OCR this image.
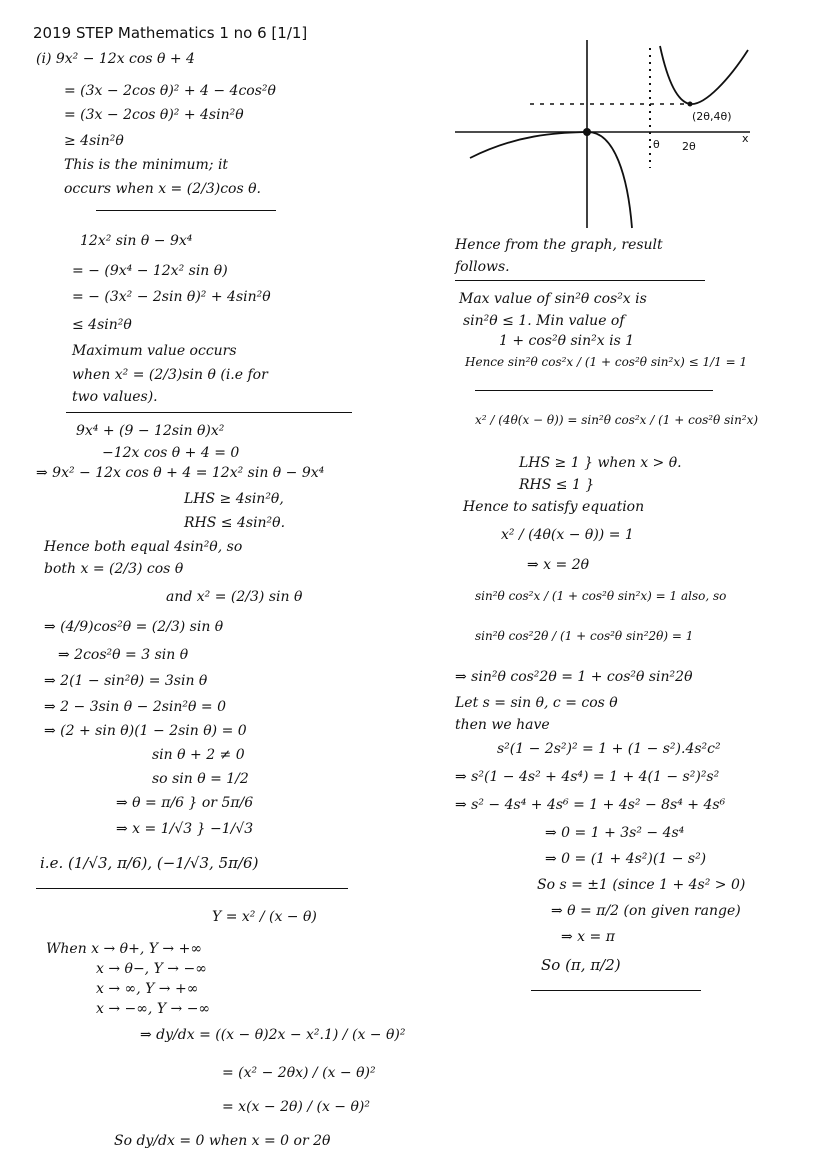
2019 STEP Mathematics 1 no 6 [1/1]
(2θ,4θ)
θ 2θ
x
(i) 9x² − 12x cos θ + 4
= (3x − 2cos θ)² + 4 − 4cos²θ
= (3x − 2cos θ)² + 4sin²θ
≥ 4sin²θ
This is the minimum; it
occurs when x = (2/3)cos θ.
12x² sin θ − 9x⁴
= − (9x⁴ − 12x² sin θ)
= − (3x² − 2sin θ)² + 4sin²θ
≤ 4sin²θ
Maximum value occurs
when x² = (2/3)sin θ (i.e for
two values).
9x⁴ + (9 − 12sin θ)x²
−12x cos θ + 4 = 0
⇒ 9x² − 12x cos θ + 4 = 12x² sin θ − 9x⁴
LHS ≥ 4sin²θ,
RHS ≤ 4sin²θ.
Hence both equal 4sin²θ, so
both x = (2/3) cos θ
and x² = (2/3) sin θ
⇒ (4/9)cos²θ = (2/3) sin θ
⇒ 2cos²θ = 3 sin θ
⇒ 2(1 − sin²θ) = 3sin θ
⇒ 2 − 3sin θ − 2sin²θ = 0
⇒ (2 + sin θ)(1 − 2sin θ) = 0
sin θ + 2 ≠ 0
so sin θ = 1/2
⇒ θ = π/6 } or 5π/6
⇒ x = 1/√3 } −1/√3
i.e. (1/√3, π/6), (−1/√3, 5π/6)
Y = x² / (x − θ)
When x → θ+, Y → +∞
x → θ−, Y → −∞
x → ∞, Y → +∞
x → −∞, Y → −∞
⇒ dy/dx = ((x − θ)2x − x².1) / (x − θ)²
= (x² − 2θx) / (x − θ)²
= x(x − 2θ) / (x − θ)²
So dy/dx = 0 when x = 0 or 2θ
Hence from the graph, result
follows.
Max value of sin²θ cos²x is
sin²θ ≤ 1. Min value of
1 + cos²θ sin²x is 1
Hence sin²θ cos²x / (1 + cos²θ sin²x) ≤ 1/1 = 1
x² / (4θ(x − θ)) = sin²θ cos²x / (1 + cos²θ sin²x)
LHS ≥ 1 } when x > θ.
RHS ≤ 1 }
Hence to satisfy equation
x² / (4θ(x − θ)) = 1
⇒ x = 2θ
sin²θ cos²x / (1 + cos²θ sin²x) = 1 also, so
sin²θ cos²2θ / (1 + cos²θ sin²2θ) = 1
⇒ sin²θ cos²2θ = 1 + cos²θ sin²2θ
Let s = sin θ, c = cos θ
then we have
s²(1 − 2s²)² = 1 + (1 − s²).4s²c²
⇒ s²(1 − 4s² + 4s⁴) = 1 + 4(1 − s²)²s²
⇒ s² − 4s⁴ + 4s⁶ = 1 + 4s² − 8s⁴ + 4s⁶
⇒ 0 = 1 + 3s² − 4s⁴
⇒ 0 = (1 + 4s²)(1 − s²)
So s = ±1 (since 1 + 4s² > 0)
⇒ θ = π/2 (on given range)
⇒ x = π
So (π, π/2)
